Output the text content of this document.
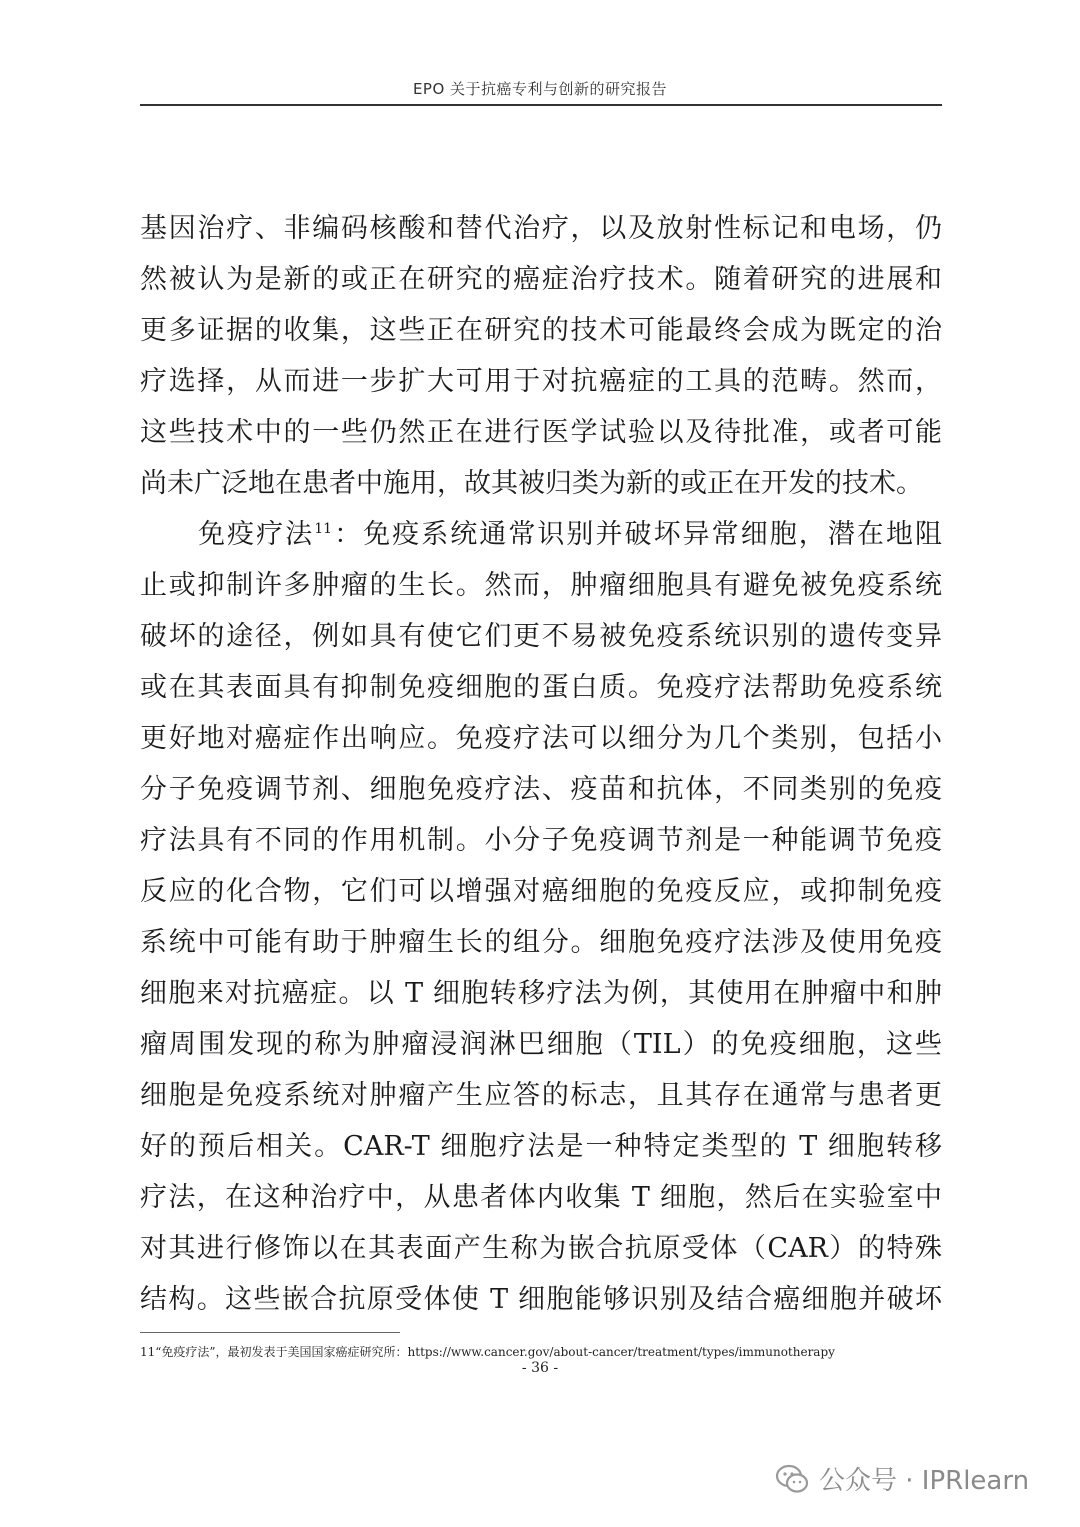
EPO 关于抗癌专利与创新的研究报告
基因治疗、非编码核酸和替代治疗，以及放射性标记和电场，仍
然被认为是新的或正在研究的癌症治疗技术。随着研究的进展和
更多证据的收集，这些正在研究的技术可能最终会成为既定的治
疗选择，从而进一步扩大可用于对抗癌症的工具的范畴。然而，
这些技术中的一些仍然正在进行医学试验以及待批准，或者可能
尚未广泛地在患者中施用，故其被归类为新的或正在开发的技术。
免疫疗法$^{11}$：免疫系统通常识别并破坏异常细胞，潜在地阻
止或抑制许多肿瘤的生长。然而，肿瘤细胞具有避免被免疫系统
破坏的途径，例如具有使它们更不易被免疫系统识别的遗传变异
或在其表面具有抑制免疫细胞的蛋白质。免疫疗法帮助免疫系统
更好地对癌症作出响应。免疫疗法可以细分为几个类别，包括小
分子免疫调节剂、细胞免疫疗法、疫苗和抗体，不同类别的免疫
疗法具有不同的作用机制。小分子免疫调节剂是一种能调节免疫
反应的化合物，它们可以增强对癌细胞的免疫反应，或抑制免疫
系统中可能有助于肿瘤生长的组分。细胞免疫疗法涉及使用免疫
细胞来对抗癌症。以 T 细胞转移疗法为例，其使用在肿瘤中和肿
瘤周围发现的称为肿瘤浸润淋巴细胞（TIL）的免疫细胞，这些
细胞是免疫系统对肿瘤产生应答的标志，且其存在通常与患者更
好的预后相关。CAR-T 细胞疗法是一种特定类型的 T 细胞转移
疗法，在这种治疗中，从患者体内收集 T 细胞，然后在实验室中
对其进行修饰以在其表面产生称为嵌合抗原受体（CAR）的特殊
结构。这些嵌合抗原受体使 T 细胞能够识别及结合癌细胞并破坏
11“免疫疗法”，最初发表于美国国家癌症研究所：https://www.cancer.gov/about-cancer/treatment/types/immunotherapy
- 36 -
公众号 · IPRlearn
